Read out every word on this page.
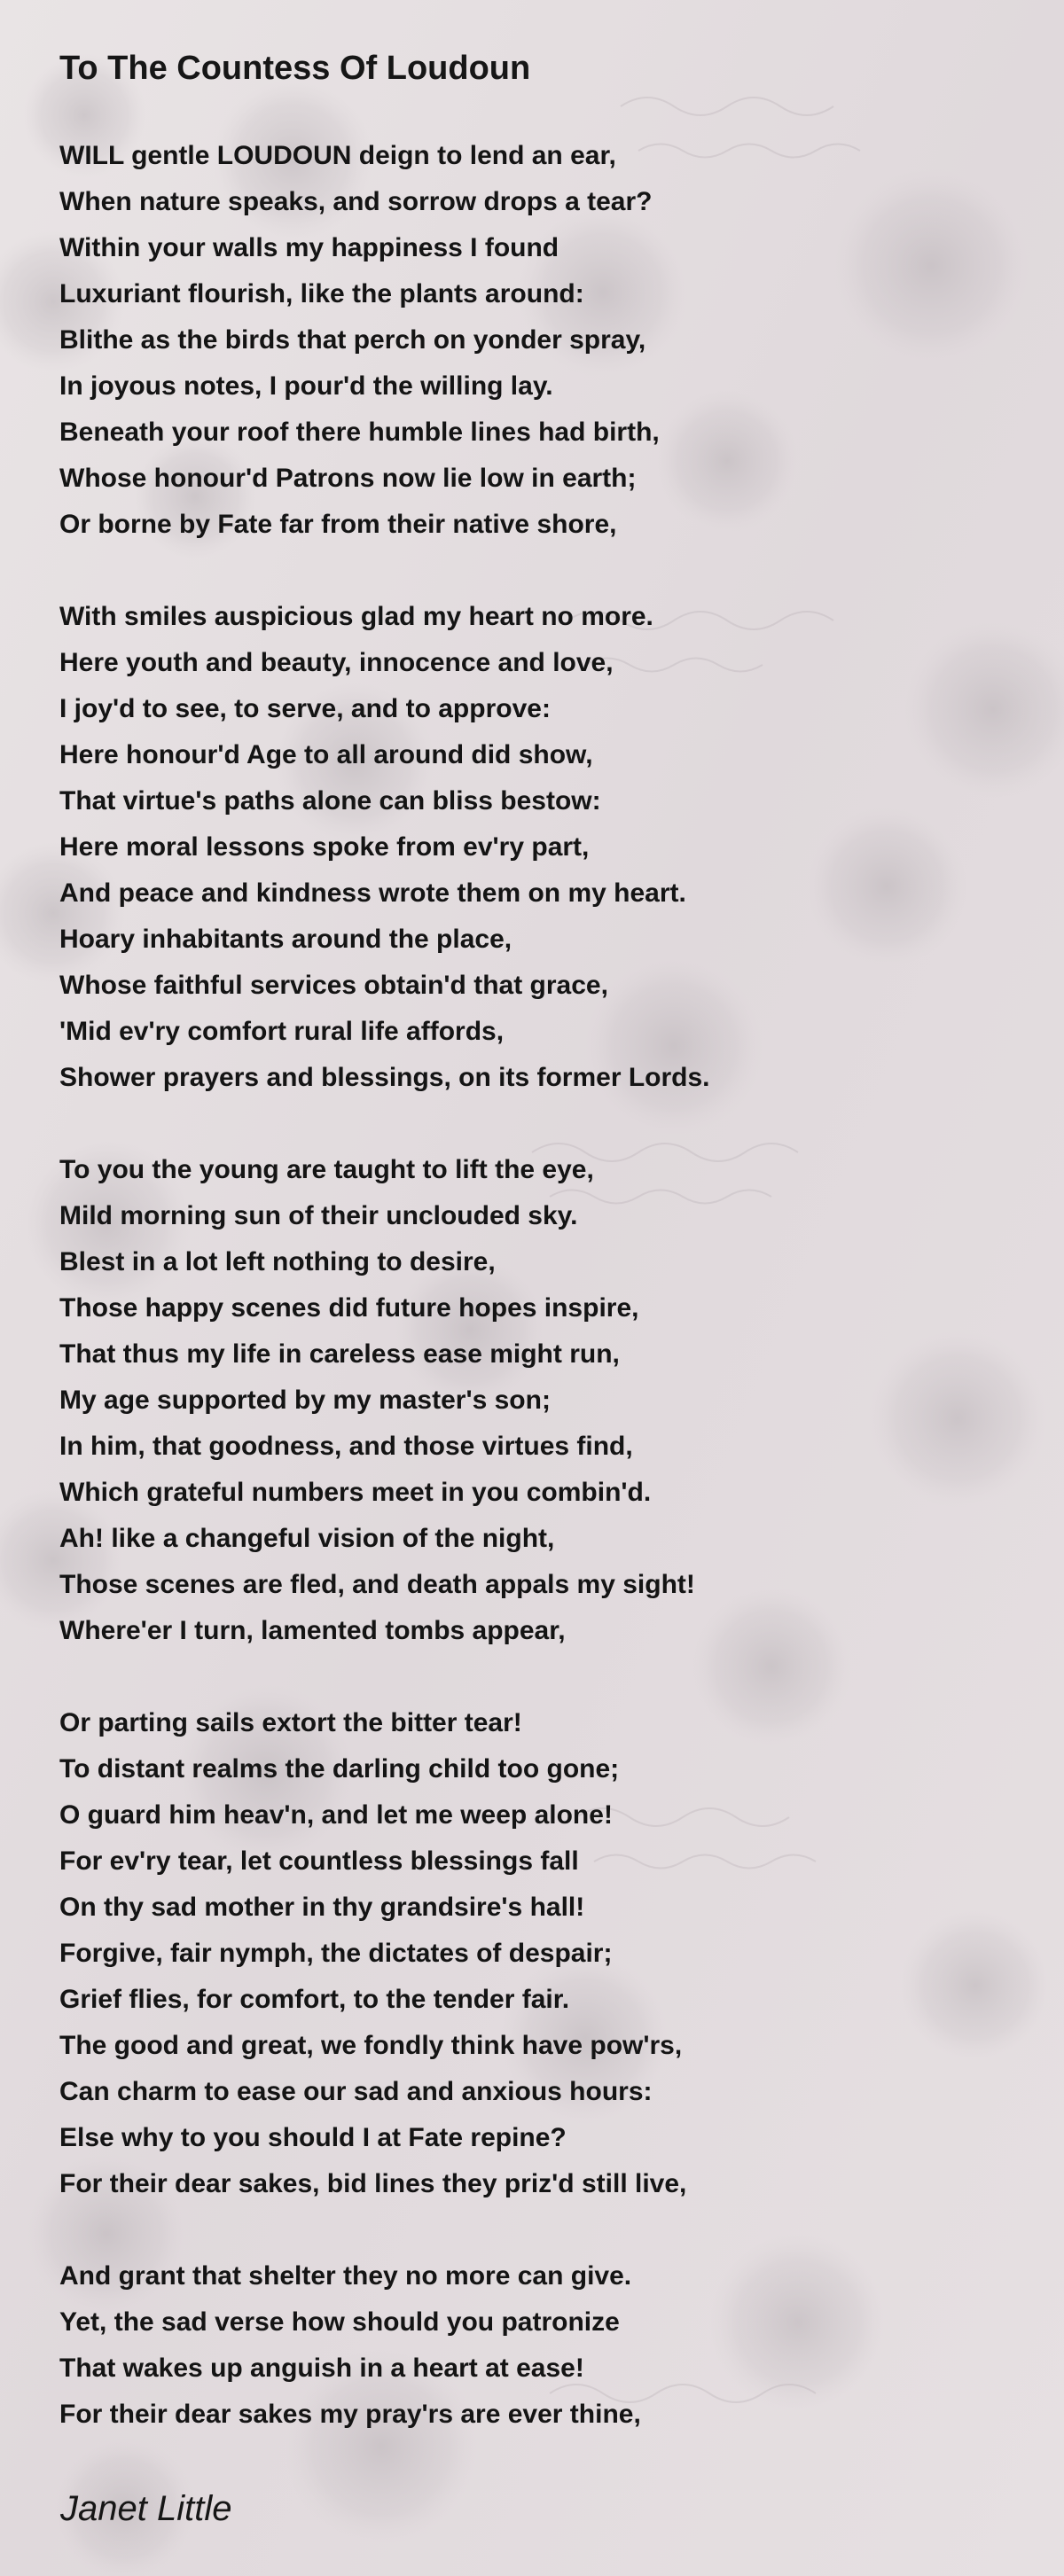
To The Countess Of Loudoun
WILL gentle LOUDOUN deign to lend an ear,
When nature speaks, and sorrow drops a tear?
Within your walls my happiness I found
Luxuriant flourish, like the plants around:
Blithe as the birds that perch on yonder spray,
In joyous notes, I pour'd the willing lay.
Beneath your roof there humble lines had birth,
Whose honour'd Patrons now lie low in earth;
Or borne by Fate far from their native shore,
With smiles auspicious glad my heart no more.
Here youth and beauty, innocence and love,
I joy'd to see, to serve, and to approve:
Here honour'd Age to all around did show,
That virtue's paths alone can bliss bestow:
Here moral lessons spoke from ev'ry part,
And peace and kindness wrote them on my heart.
Hoary inhabitants around the place,
Whose faithful services obtain'd that grace,
'Mid ev'ry comfort rural life affords,
Shower prayers and blessings, on its former Lords.
To you the young are taught to lift the eye,
Mild morning sun of their unclouded sky.
Blest in a lot left nothing to desire,
Those happy scenes did future hopes inspire,
That thus my life in careless ease might run,
My age supported by my master's son;
In him, that goodness, and those virtues find,
Which grateful numbers meet in you combin'd.
Ah! like a changeful vision of the night,
Those scenes are fled, and death appals my sight!
Where'er I turn, lamented tombs appear,
Or parting sails extort the bitter tear!
To distant realms the darling child too gone;
O guard him heav'n, and let me weep alone!
For ev'ry tear, let countless blessings fall
On thy sad mother in thy grandsire's hall!
Forgive, fair nymph, the dictates of despair;
Grief flies, for comfort, to the tender fair.
The good and great, we fondly think have pow'rs,
Can charm to ease our sad and anxious hours:
Else why to you should I at Fate repine?
For their dear sakes, bid lines they priz'd still live,
And grant that shelter they no more can give.
Yet, the sad verse how should you patronize
That wakes up anguish in a heart at ease!
For their dear sakes my pray'rs are ever thine,
Janet Little
